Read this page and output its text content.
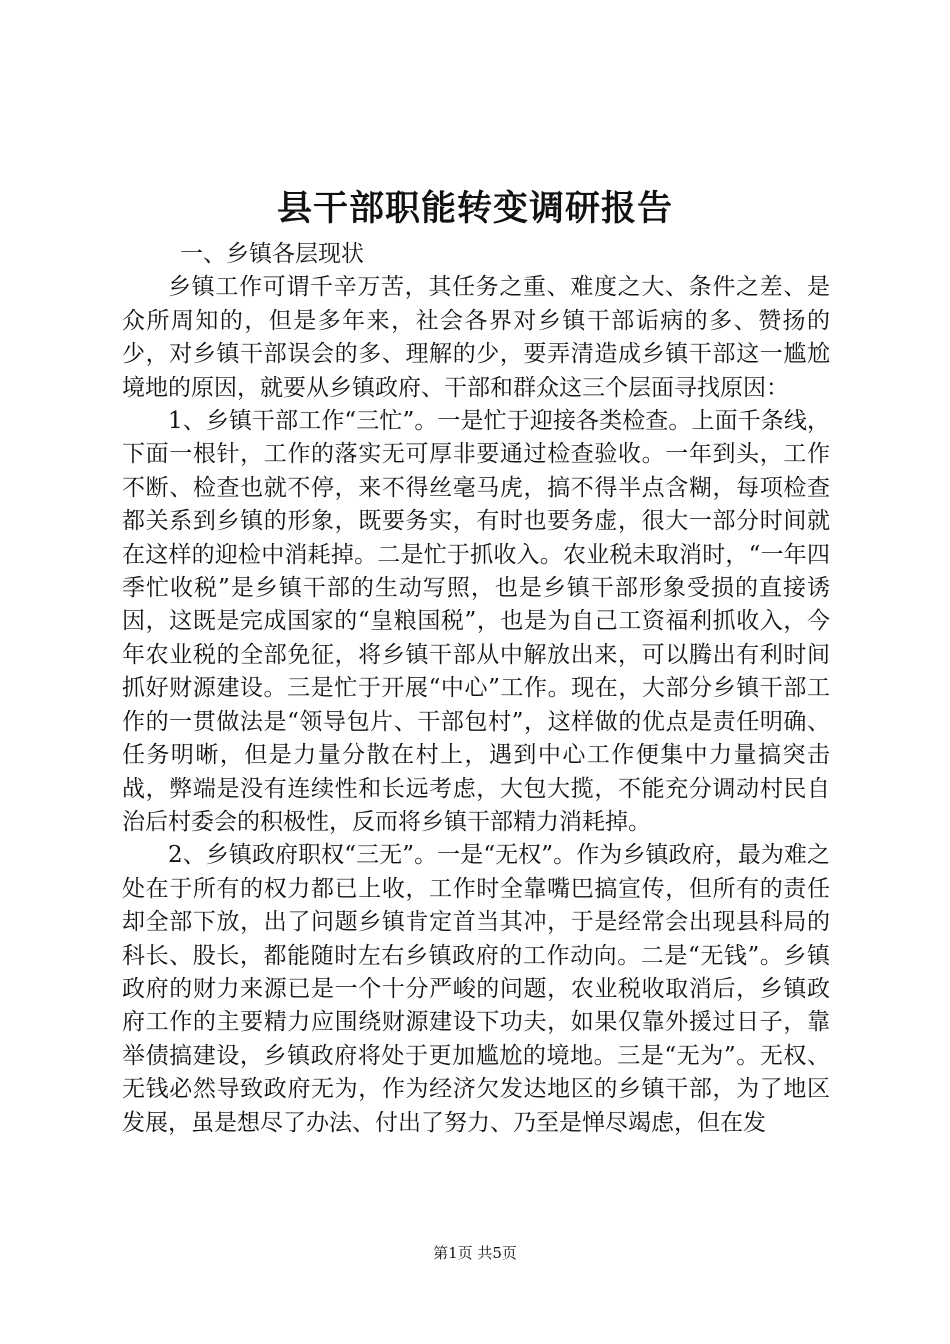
县干部职能转变调研报告

一、乡镇各层现状

乡镇工作可谓千辛万苦，其任务之重、难度之大、条件之差、是众所周知的，但是多年来，社会各界对乡镇干部诟病的多、赞扬的少，对乡镇干部误会的多、理解的少，要弄清造成乡镇干部这一尴尬境地的原因，就要从乡镇政府、干部和群众这三个层面寻找原因：

1、乡镇干部工作“三忙”。一是忙于迎接各类检查。上面千条线，下面一根针，工作的落实无可厚非要通过检查验收。一年到头，工作不断、检查也就不停，来不得丝毫马虎，搞不得半点含糊，每项检查都关系到乡镇的形象，既要务实，有时也要务虚，很大一部分时间就在这样的迎检中消耗掉。二是忙于抓收入。农业税未取消时，“一年四季忙收税”是乡镇干部的生动写照，也是乡镇干部形象受损的直接诱因，这既是完成国家的“皇粮国税”，也是为自己工资福利抓收入，今年农业税的全部免征，将乡镇干部从中解放出来，可以腾出有利时间抓好财源建设。三是忙于开展“中心”工作。现在，大部分乡镇干部工作的一贯做法是“领导包片、干部包村”，这样做的优点是责任明确、任务明晰，但是力量分散在村上，遇到中心工作便集中力量搞突击战，弊端是没有连续性和长远考虑，大包大揽，不能充分调动村民自治后村委会的积极性，反而将乡镇干部精力消耗掉。

2、乡镇政府职权“三无”。一是“无权”。作为乡镇政府，最为难之处在于所有的权力都已上收，工作时全靠嘴巴搞宣传，但所有的责任却全部下放，出了问题乡镇肯定首当其冲，于是经常会出现县科局的科长、股长，都能随时左右乡镇政府的工作动向。二是“无钱”。乡镇政府的财力来源已是一个十分严峻的问题，农业税收取消后，乡镇政府工作的主要精力应围绕财源建设下功夫，如果仅靠外援过日子，靠举债搞建设，乡镇政府将处于更加尴尬的境地。三是“无为”。无权、无钱必然导致政府无为，作为经济欠发达地区的乡镇干部，为了地区发展，虽是想尽了办法、付出了努力、乃至是惮尽竭虑，但在发

第1页 共5页
